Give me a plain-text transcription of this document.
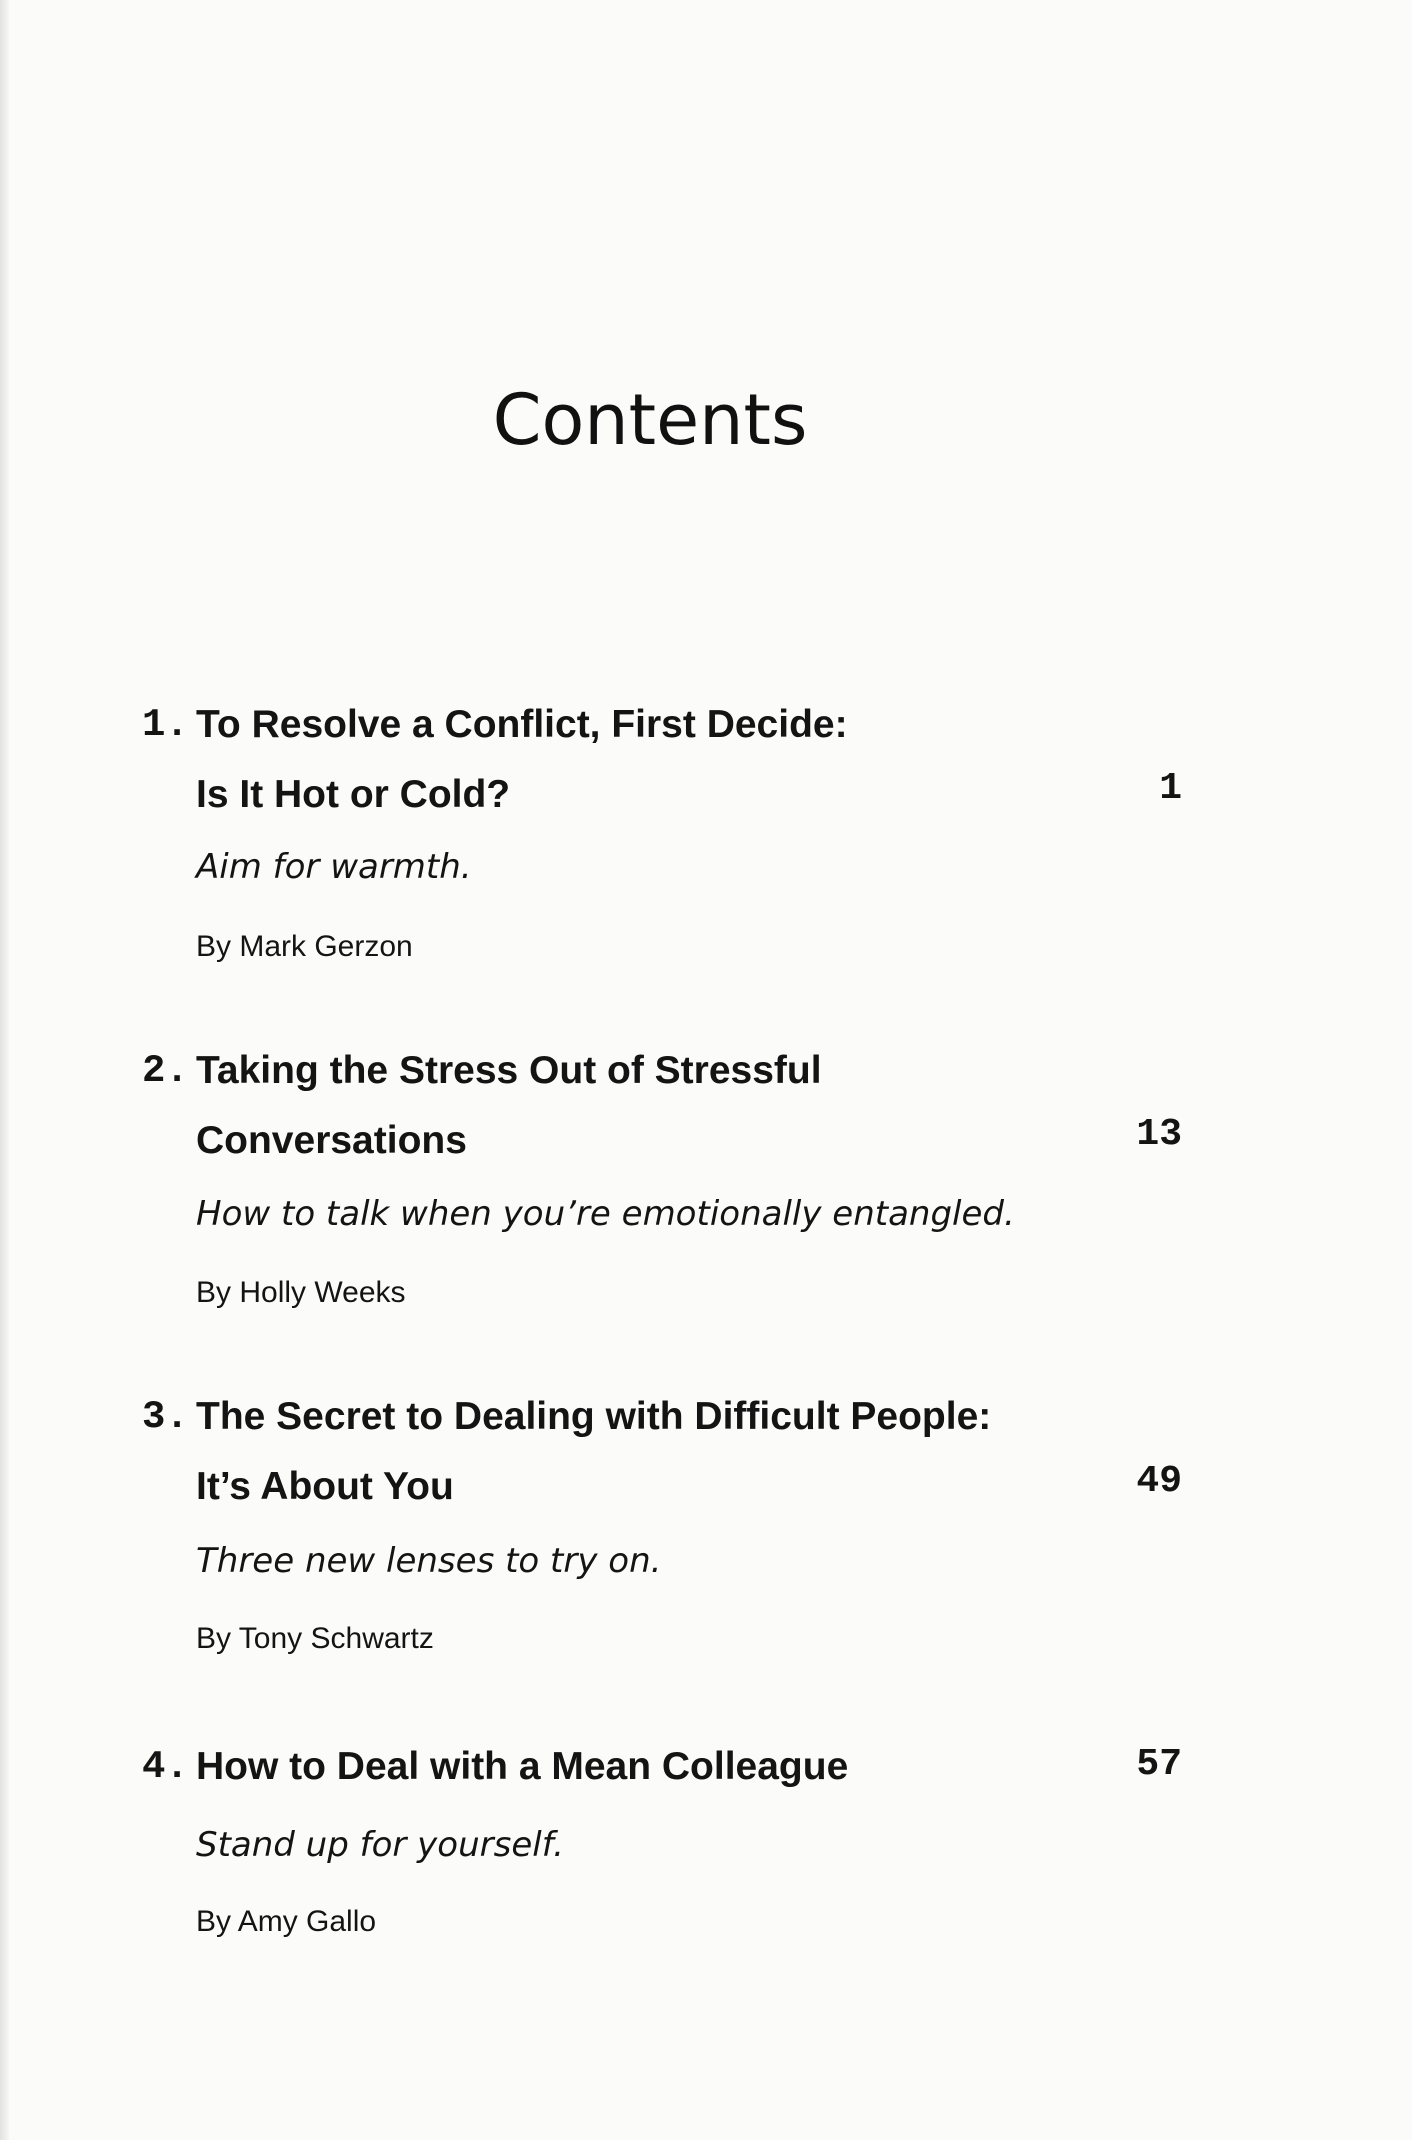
Contents
1. To Resolve a Conflict, First Decide:
Is It Hot or Cold?	1
Aim for warmth.
By Mark Gerzon
2. Taking the Stress Out of Stressful
Conversations	13
How to talk when you’re emotionally entangled.
By Holly Weeks
3. The Secret to Dealing with Difficult People:
It’s About You	49
Three new lenses to try on.
By Tony Schwartz
4. How to Deal with a Mean Colleague	57
Stand up for yourself.
By Amy Gallo
